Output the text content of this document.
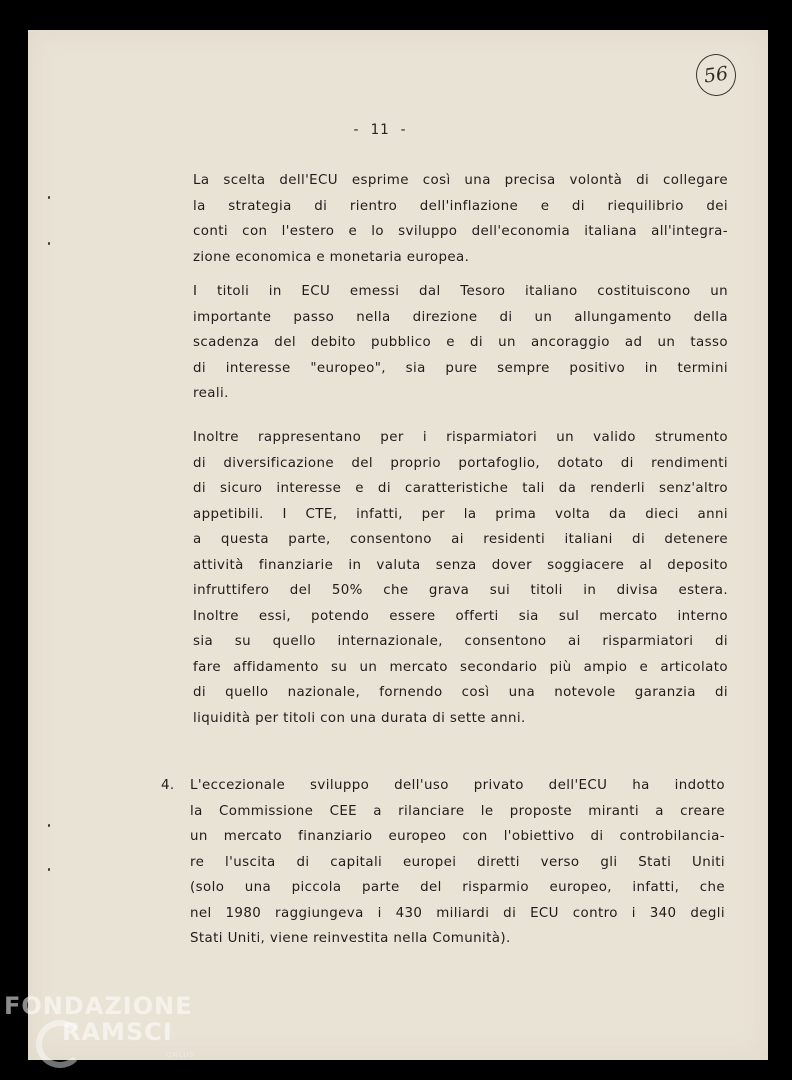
56
- 11 -
La scelta dell'ECU esprime così una precisa volontà di collegare
la strategia di rientro dell'inflazione e di riequilibrio dei
conti con l'estero e lo sviluppo dell'economia italiana all'integra-
zione economica e monetaria europea.
I titoli in ECU emessi dal Tesoro italiano costituiscono un
importante passo nella direzione di un allungamento della
scadenza del debito pubblico e di un ancoraggio ad un tasso
di interesse "europeo", sia pure sempre positivo in termini
reali.
Inoltre rappresentano per i risparmiatori un valido strumento
di diversificazione del proprio portafoglio, dotato di rendimenti
di sicuro interesse e di caratteristiche tali da renderli senz'altro
appetibili. I CTE, infatti, per la prima volta da dieci anni
a questa parte, consentono ai residenti italiani di detenere
attività finanziarie in valuta senza dover soggiacere al deposito
infruttifero del 50% che grava sui titoli in divisa estera.
Inoltre essi, potendo essere offerti sia sul mercato interno
sia su quello internazionale, consentono ai risparmiatori di
fare affidamento su un mercato secondario più ampio e articolato
di quello nazionale, fornendo così una notevole garanzia di
liquidità per titoli con una durata di sette anni.
4. L'eccezionale sviluppo dell'uso privato dell'ECU ha indotto
la Commissione CEE a rilanciare le proposte miranti a creare
un mercato finanziario europeo con l'obiettivo di controbilancia-
re l'uscita di capitali europei diretti verso gli Stati Uniti
(solo una piccola parte del risparmio europeo, infatti, che
nel 1980 raggiungeva i 430 miliardi di ECU contro i 340 degli
Stati Uniti, viene reinvestita nella Comunità).
FONDAZIONE
RAMSCI
ONLUS
